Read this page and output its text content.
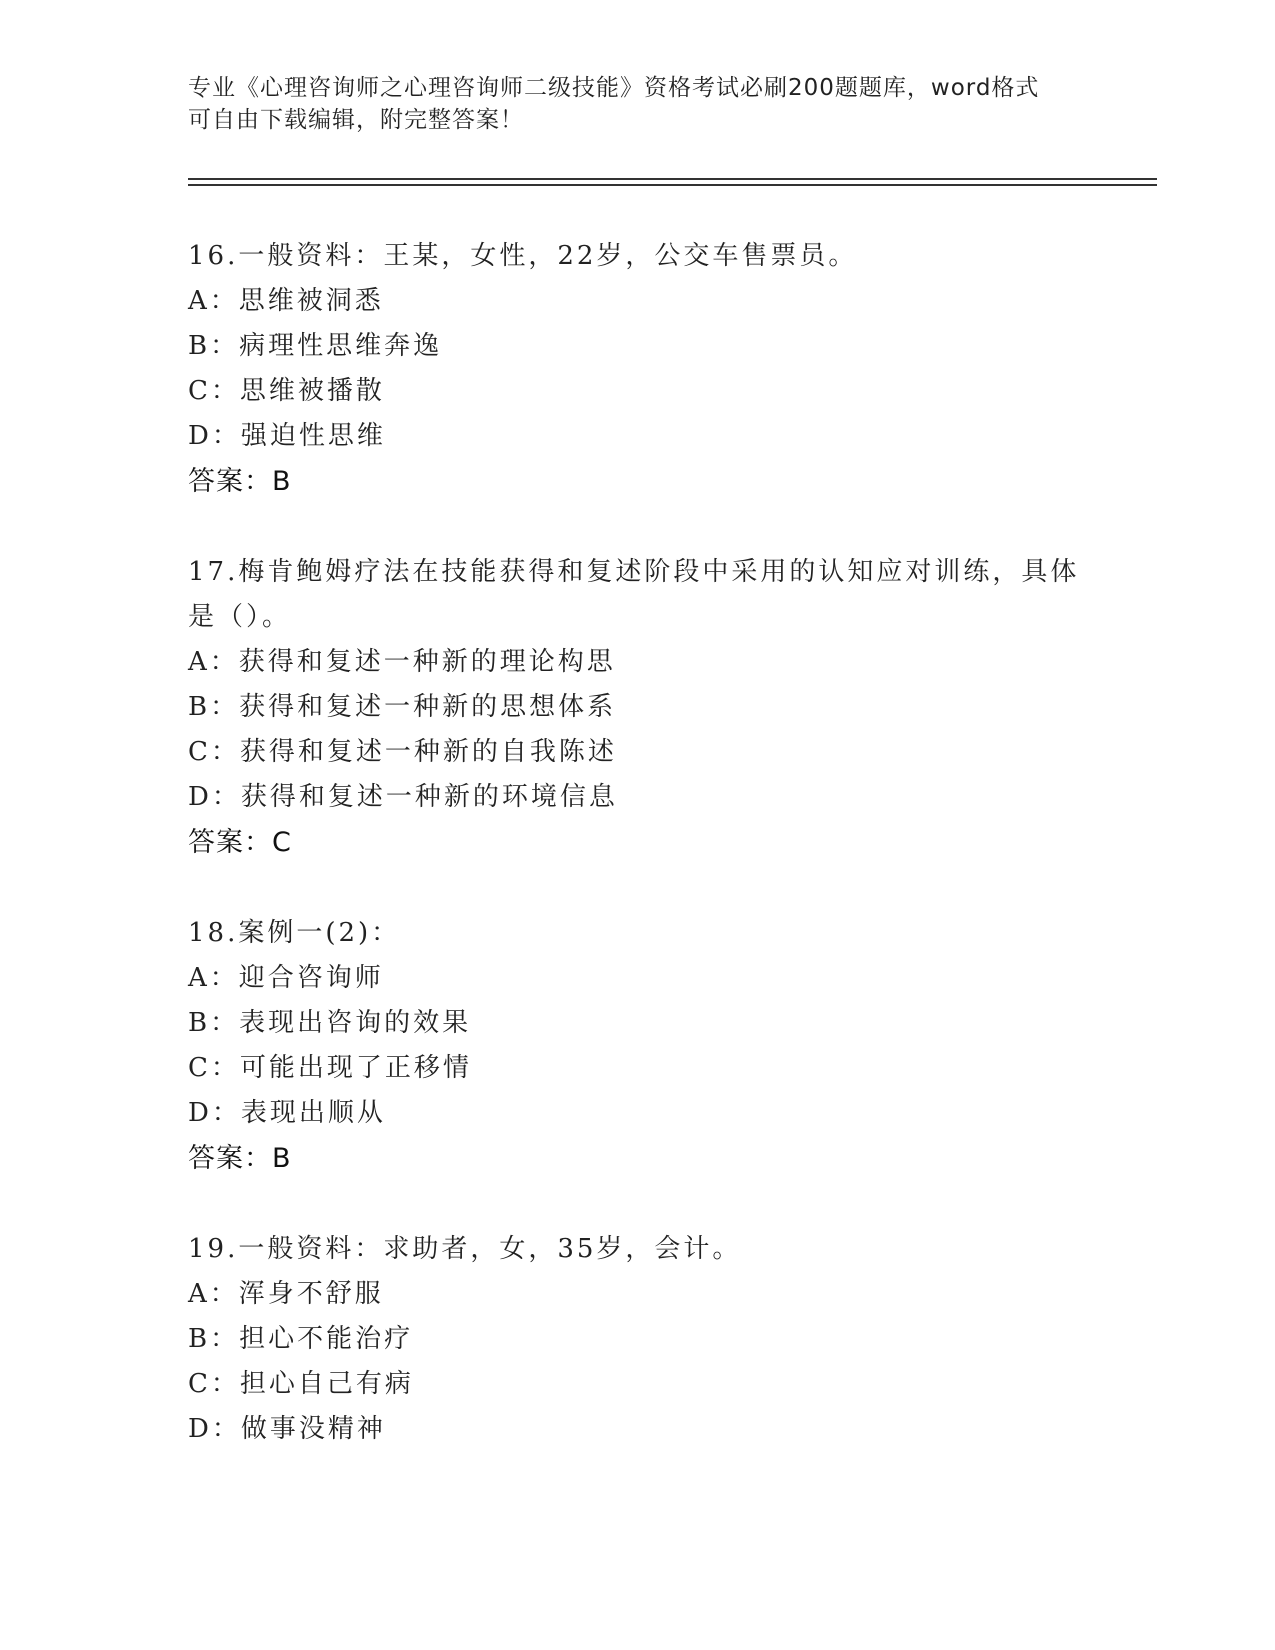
专业《心理咨询师之心理咨询师二级技能》资格考试必刷200题题库，word格式
可自由下载编辑，附完整答案！
16.一般资料：王某，女性，22岁，公交车售票员。
A：思维被洞悉
B：病理性思维奔逸
C：思维被播散
D：强迫性思维
答案：B
17.梅肯鲍姆疗法在技能获得和复述阶段中采用的认知应对训练，具体是（）。
A：获得和复述一种新的理论构思
B：获得和复述一种新的思想体系
C：获得和复述一种新的自我陈述
D：获得和复述一种新的环境信息
答案：C
18.案例一(2)：
A：迎合咨询师
B：表现出咨询的效果
C：可能出现了正移情
D：表现出顺从
答案：B
19.一般资料：求助者，女，35岁，会计。
A：浑身不舒服
B：担心不能治疗
C：担心自己有病
D：做事没精神
